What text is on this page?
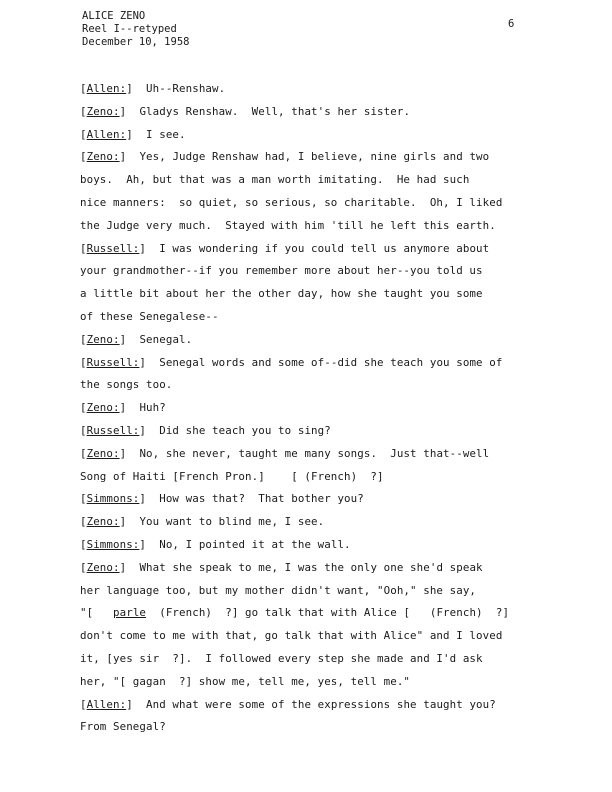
ALICE ZENO
Reel I--retyped
December 10, 1958
6
[Allen:]  Uh--Renshaw.
[Zeno:]  Gladys Renshaw.  Well, that's her sister.
[Allen:]  I see.
[Zeno:]  Yes, Judge Renshaw had, I believe, nine girls and two
boys.  Ah, but that was a man worth imitating.  He had such
nice manners:  so quiet, so serious, so charitable.  Oh, I liked
the Judge very much.  Stayed with him 'till he left this earth.
[Russell:]  I was wondering if you could tell us anymore about
your grandmother--if you remember more about her--you told us
a little bit about her the other day, how she taught you some
of these Senegalese--
[Zeno:]  Senegal.
[Russell:]  Senegal words and some of--did she teach you some of
the songs too.
[Zeno:]  Huh?
[Russell:]  Did she teach you to sing?
[Zeno:]  No, she never, taught me many songs.  Just that--well
Song of Haiti [French Pron.]    [ (French)  ?]
[Simmons:]  How was that?  That bother you?
[Zeno:]  You want to blind me, I see.
[Simmons:]  No, I pointed it at the wall.
[Zeno:]  What she speak to me, I was the only one she'd speak
her language too, but my mother didn't want, "Ooh," she say,
"[   parle  (French)  ?] go talk that with Alice [   (French)  ?]
don't come to me with that, go talk that with Alice" and I loved
it, [yes sir  ?].  I followed every step she made and I'd ask
her, "[ gagan  ?] show me, tell me, yes, tell me."
[Allen:]  And what were some of the expressions she taught you?
From Senegal?
